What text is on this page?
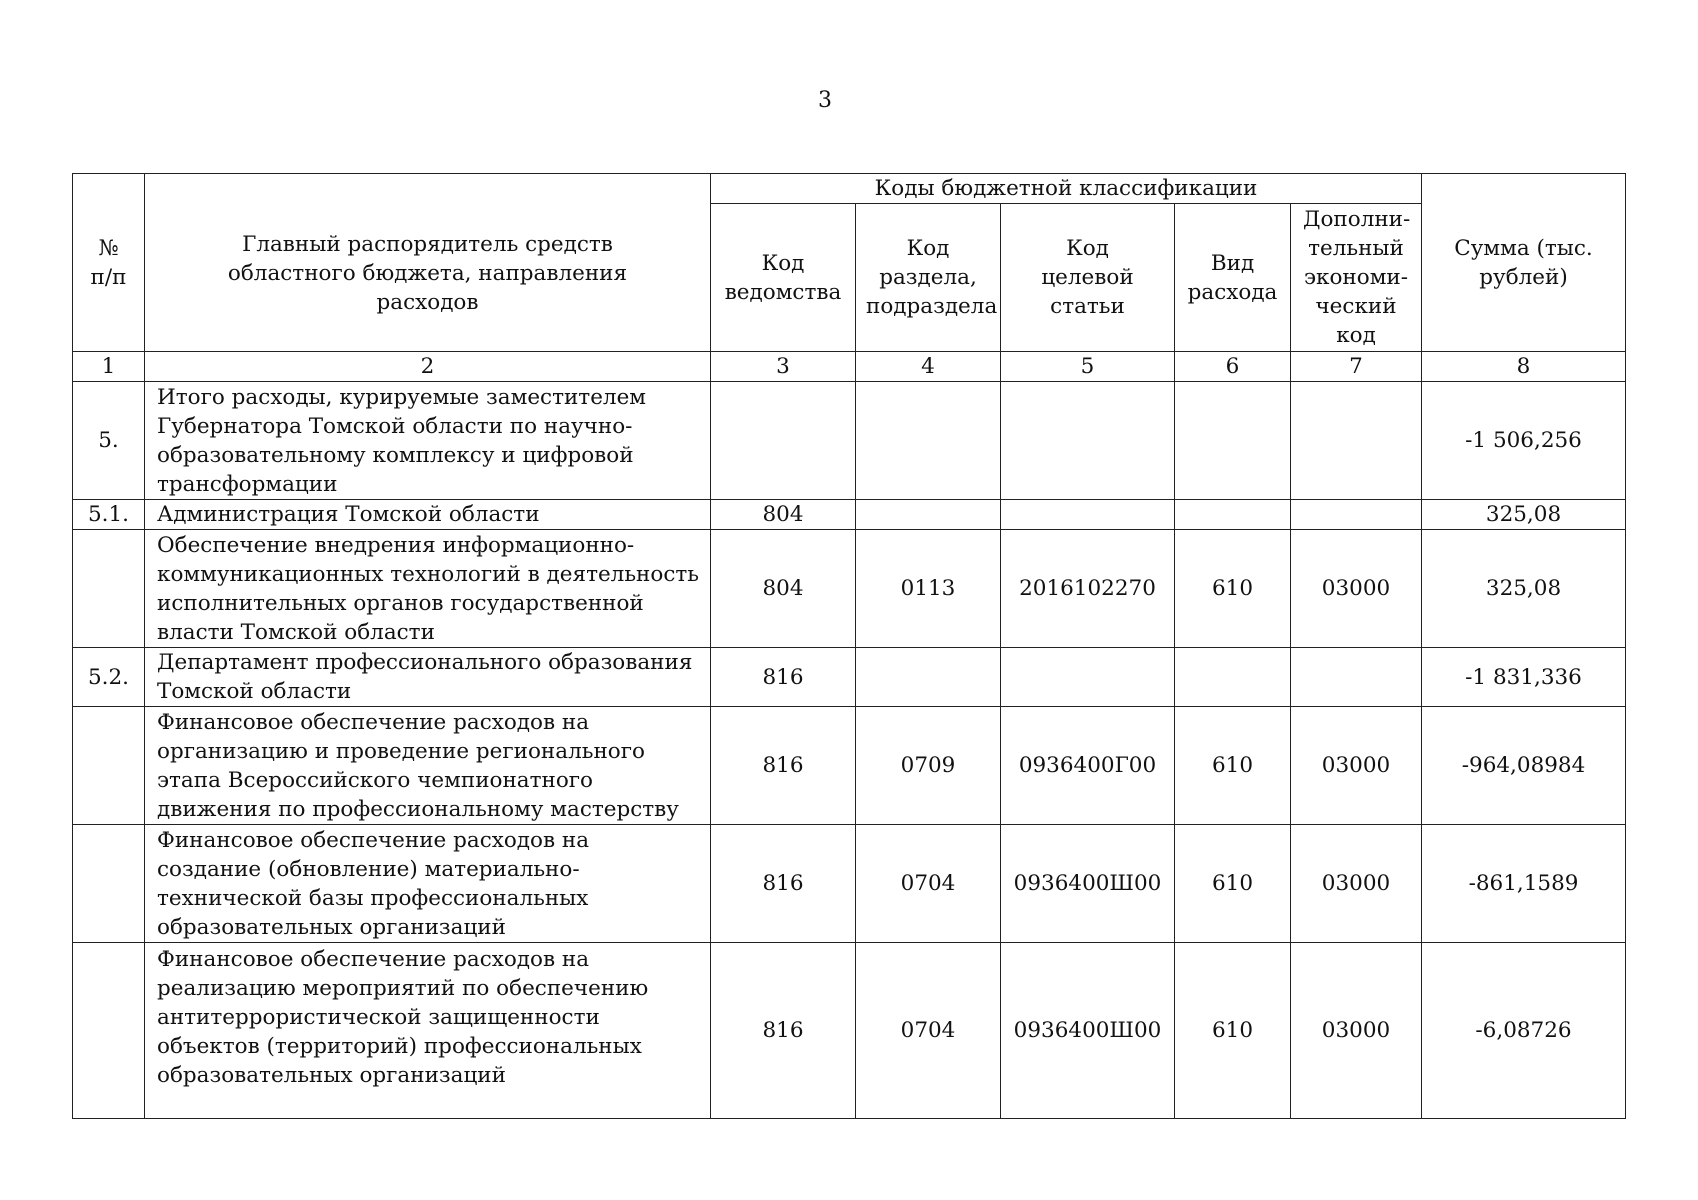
3
№
п/п	Главный распорядитель средств областного бюджета, направления расходов	Коды бюджетной классификации					Сумма (тыс. рублей)
		Код ведомства	Код раздела, подраздела	Код целевой статьи	Вид расхода	Дополни-тельный экономи-ческий код	
1	2	3	4	5	6	7	8
5.	Итого расходы, курируемые заместителем Губернатора Томской области по научно-образовательному комплексу и цифровой трансформации						-1 506,256
5.1.	Администрация Томской области	804					325,08
	Обеспечение внедрения информационно-коммуникационных технологий в деятельность исполнительных органов государственной власти Томской области	804	0113	2016102270	610	03000	325,08
5.2.	Департамент профессионального образования Томской области	816					-1 831,336
	Финансовое обеспечение расходов на организацию и проведение регионального этапа Всероссийского чемпионатного движения по профессиональному мастерству	816	0709	0936400Г00	610	03000	-964,08984
	Финансовое обеспечение расходов на создание (обновление) материально-технической базы профессиональных образовательных организаций	816	0704	0936400Ш00	610	03000	-861,1589
	Финансовое обеспечение расходов на реализацию мероприятий по обеспечению антитеррористической защищенности объектов (территорий) профессиональных образовательных организаций	816	0704	0936400Ш00	610	03000	-6,08726
